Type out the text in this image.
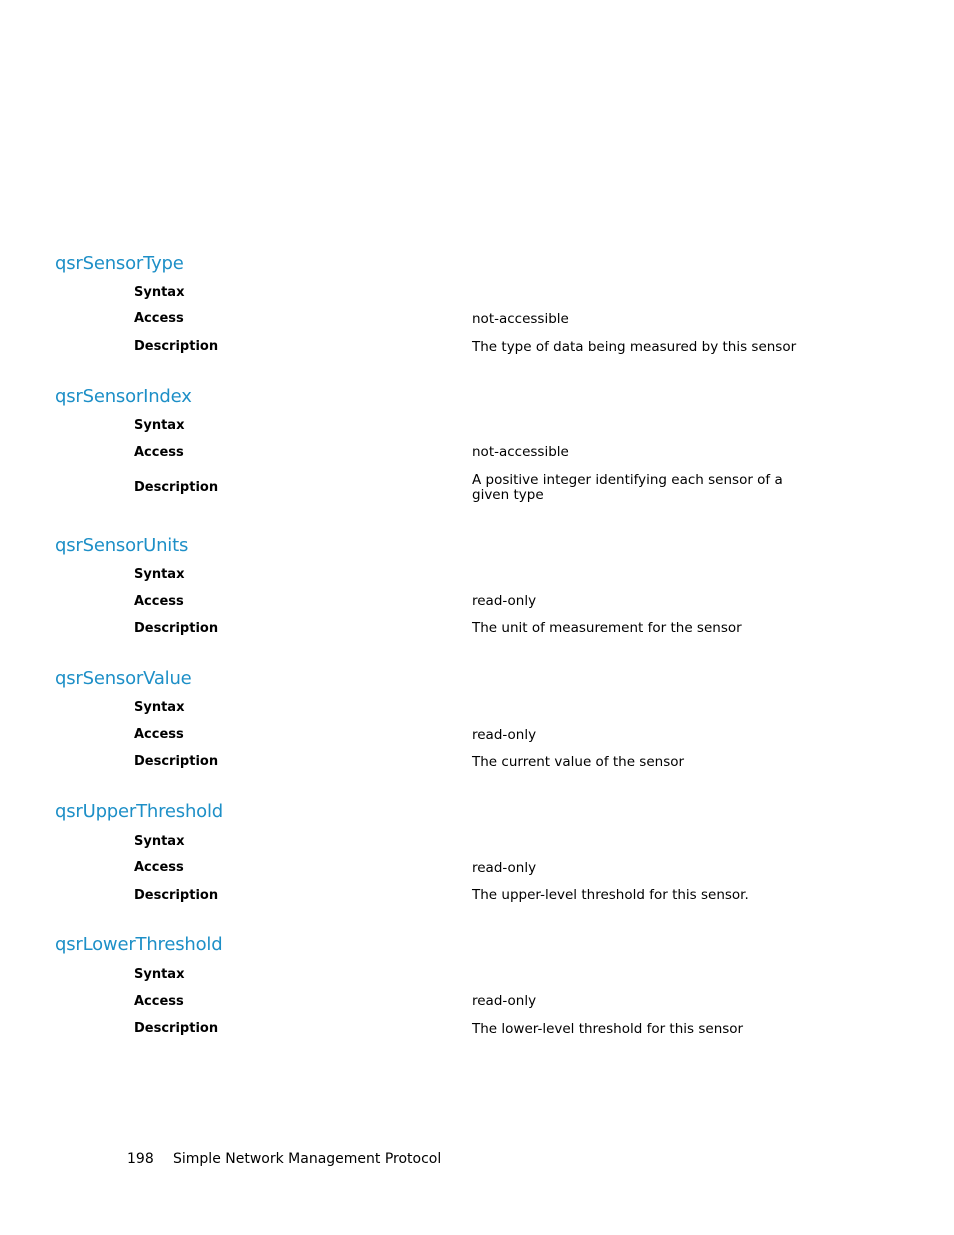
qsrSensorType
Syntax
Access	not-accessible
Description	The type of data being measured by this sensor
qsrSensorIndex
Syntax
Access	not-accessible
Description	A positive integer identifying each sensor of a given type
qsrSensorUnits
Syntax
Access	read-only
Description	The unit of measurement for the sensor
qsrSensorValue
Syntax
Access	read-only
Description	The current value of the sensor
qsrUpperThreshold
Syntax
Access	read-only
Description	The upper-level threshold for this sensor.
qsrLowerThreshold
Syntax
Access	read-only
Description	The lower-level threshold for this sensor
198 Simple Network Management Protocol
